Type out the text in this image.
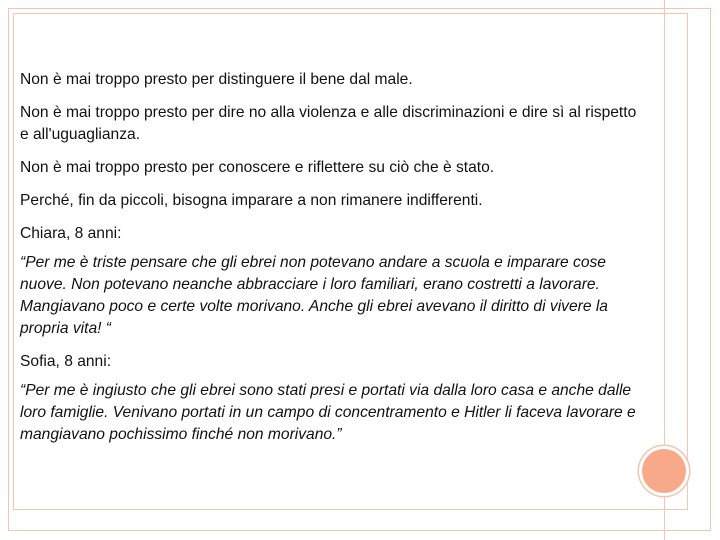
Non è mai troppo presto per distinguere il bene dal male.

Non è mai troppo presto per dire no alla violenza e alle discriminazioni e dire sì al rispetto e all'uguaglianza.

Non è mai troppo presto per conoscere e riflettere su ciò che è stato.

Perché, fin da piccoli, bisogna imparare a non rimanere indifferenti.

Chiara, 8 anni:

“Per me è triste pensare che gli ebrei non potevano andare a scuola e imparare cose nuove. Non potevano neanche abbracciare i loro familiari, erano costretti a lavorare. Mangiavano poco e certe volte morivano. Anche gli ebrei avevano il diritto di vivere la propria vita! “

Sofia, 8 anni:

“Per me è ingiusto che gli ebrei sono stati presi e portati via dalla loro casa e anche dalle loro famiglie. Venivano portati in un campo di concentramento e Hitler li faceva lavorare e mangiavano pochissimo finché non morivano.”
